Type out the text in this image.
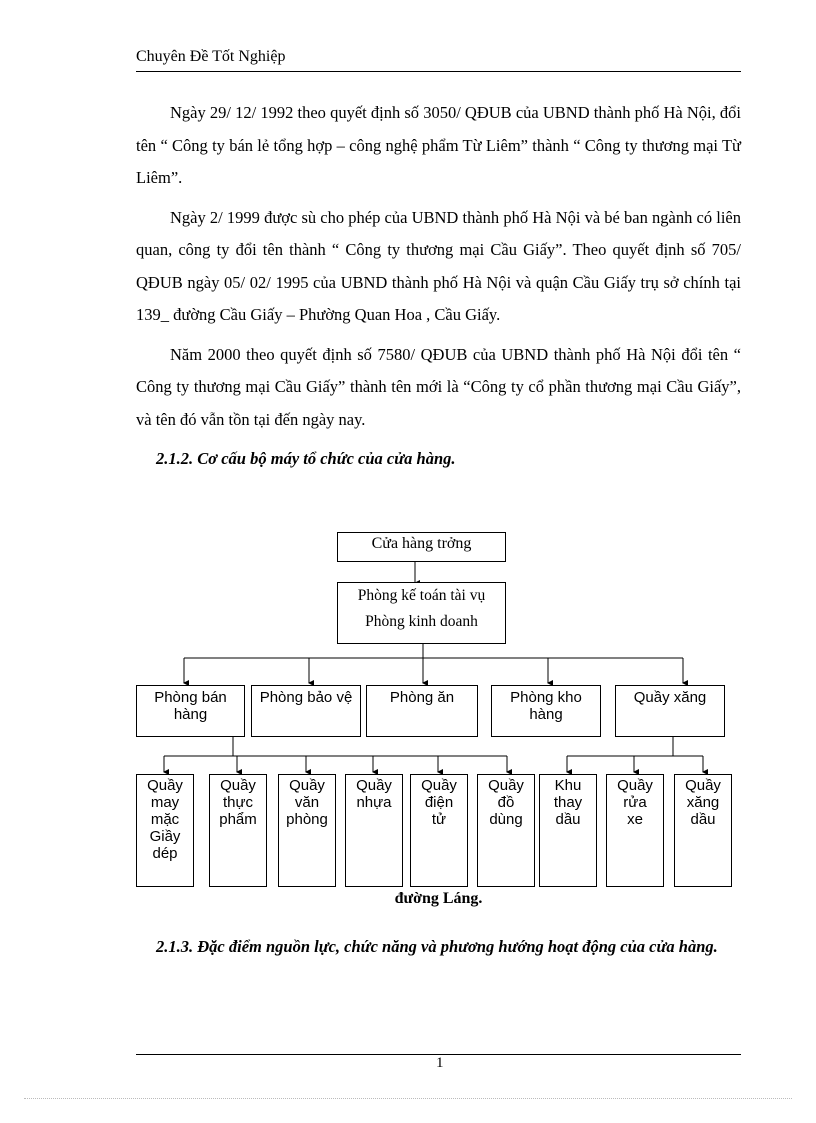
Chuyên Đề Tốt Nghiệp

Ngày 29/ 12/ 1992 theo quyết định số 3050/ QĐUB của UBND thành phố Hà Nội, đổi tên “ Công ty bán lẻ tổng hợp – công nghệ phẩm Từ Liêm” thành “ Công ty thương mại Từ Liêm”.

Ngày 2/ 1999 được sù cho phép của UBND thành phố Hà Nội và bé ban ngành có liên quan, công ty đổi tên thành “ Công ty thương mại Cầu Giấy”. Theo quyết định số 705/ QĐUB ngày 05/ 02/ 1995 của UBND thành phố Hà Nội và quận Cầu Giấy trụ sở chính tại 139_ đường Cầu Giấy – Phường Quan Hoa , Cầu Giấy.

Năm 2000 theo quyết định số 7580/ QĐUB của UBND thành phố Hà Nội đổi tên “ Công ty thương mại Cầu Giấy” thành tên mới là “Công ty cổ phần thương mại Cầu Giấy”, và tên đó vẫn tồn tại đến ngày nay.

2.1.2. Cơ cấu bộ máy tổ chức của cửa hàng.

Cửa hàng trởng
Phòng kế toán tài vụ
Phòng kinh doanh
Phòng bán hàng
Phòng bảo vệ	Phòng ăn	Phòng kho hàng
Quầy xăng
Quầy may mặc Giầy dép
Quầy thực phẩm
Quầy văn phòng
Quầy nhựa
Quầy điện tử
Quầy đồ dùng
Khu thay dầu
Quầy rửa xe
Quầy xăng dầu
đường Láng.

2.1.3. Đặc điểm nguồn lực, chức năng và phương hướng hoạt động của cửa hàng.

1
